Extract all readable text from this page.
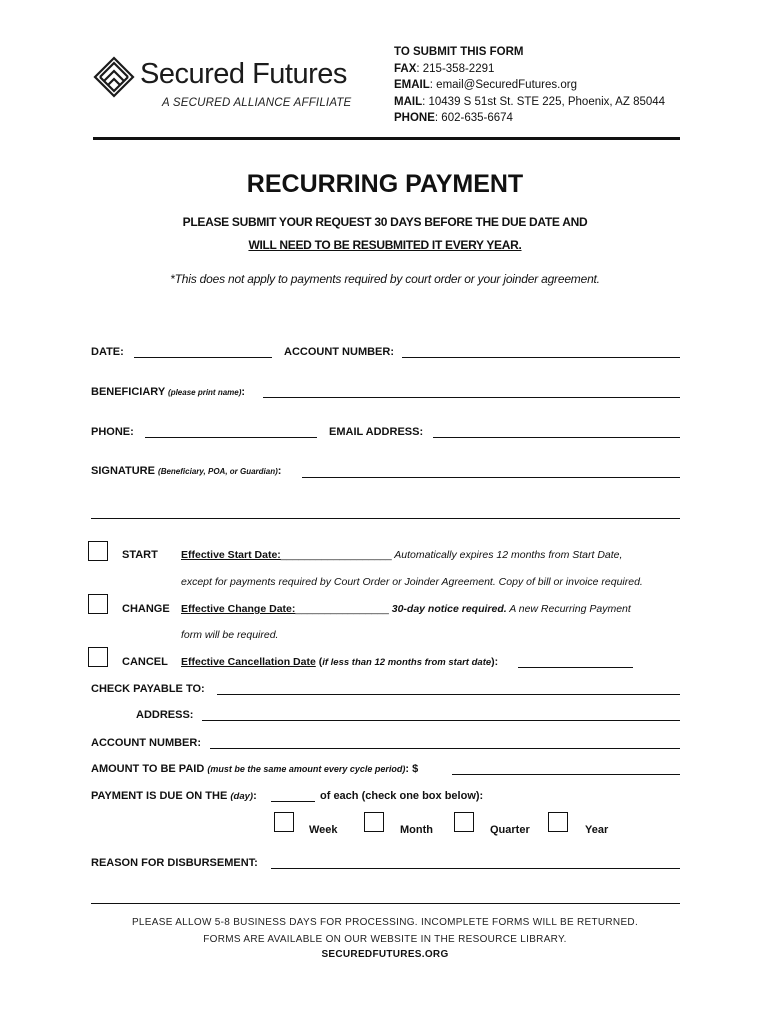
Secured Futures
A SECURED ALLIANCE AFFILIATE
TO SUBMIT THIS FORM
FAX: 215-358-2291
EMAIL: email@SecuredFutures.org
MAIL: 10439 S 51st St. STE 225, Phoenix, AZ 85044
PHONE: 602-635-6674
RECURRING PAYMENT
PLEASE SUBMIT YOUR REQUEST 30 DAYS BEFORE THE DUE DATE AND
WILL NEED TO BE RESUBMITED IT EVERY YEAR.
*This does not apply to payments required by court order or your joinder agreement.
DATE:	ACCOUNT NUMBER:
BENEFICIARY (please print name):
PHONE:	EMAIL ADDRESS:
SIGNATURE (Beneficiary, POA, or Guardian):
START Effective Start Date:___________________ Automatically expires 12 months from Start Date,
except for payments required by Court Order or Joinder Agreement. Copy of bill or invoice required.
CHANGE Effective Change Date:________________ 30-day notice required. A new Recurring Payment
form will be required.
CANCEL Effective Cancellation Date (if less than 12 months from start date):
CHECK PAYABLE TO:
ADDRESS:
ACCOUNT NUMBER:
AMOUNT TO BE PAID (must be the same amount every cycle period): $
PAYMENT IS DUE ON THE (day):	of each (check one box below):
Week	Month	Quarter	Year
REASON FOR DISBURSEMENT:
PLEASE ALLOW 5-8 BUSINESS DAYS FOR PROCESSING. INCOMPLETE FORMS WILL BE RETURNED.
FORMS ARE AVAILABLE ON OUR WEBSITE IN THE RESOURCE LIBRARY.
SECUREDFUTURES.ORG
